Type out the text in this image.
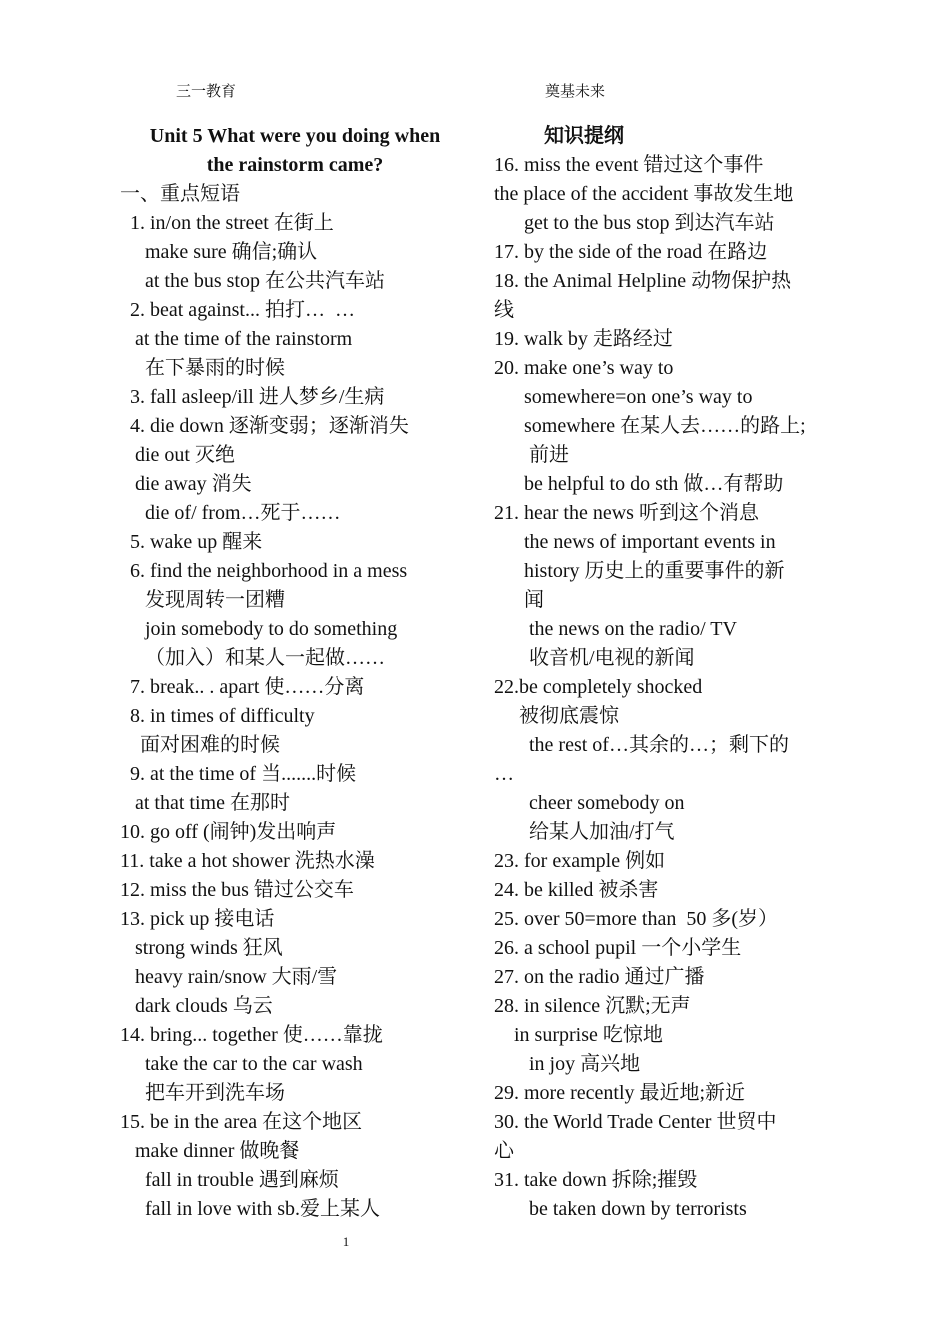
三一教育	奠基未来
Unit 5 What were you doing when
the rainstorm came?
一、重点短语
1. in/on the street 在街上
make sure 确信;确认
at the bus stop 在公共汽车站
2. beat against... 拍打…  …
at the time of the rainstorm
在下暴雨的时候
3. fall asleep/ill 进人梦乡/生病
4. die down 逐渐变弱；逐渐消失
die out 灭绝
die away 消失
die of/ from…死于……
5. wake up 醒来
6. find the neighborhood in a mess
发现周转一团糟
join somebody to do something
（加入）和某人一起做……
7. break.. . apart 使……分离
8. in times of difficulty
面对困难的时候
9. at the time of 当.......时候
at that time 在那时
10. go off (闹钟)发出响声
11. take a hot shower 洗热水澡
12. miss the bus 错过公交车
13. pick up 接电话
strong winds 狂风
heavy rain/snow 大雨/雪
dark clouds 乌云
14. bring... together 使……靠拢
take the car to the car wash
把车开到洗车场
15. be in the area 在这个地区
make dinner 做晚餐
fall in trouble 遇到麻烦
fall in love with sb.爱上某人
知识提纲
16. miss the event 错过这个事件
the place of the accident 事故发生地
get to the bus stop 到达汽车站
17. by the side of the road 在路边
18. the Animal Helpline 动物保护热
线
19. walk by 走路经过
20. make one’s way to
somewhere=on one’s way to
somewhere 在某人去……的路上;
前进
be helpful to do sth 做…有帮助
21. hear the news 听到这个消息
the news of important events in
history 历史上的重要事件的新
闻
the news on the radio/ TV
收音机/电视的新闻
22.be completely shocked
被彻底震惊
the rest of…其余的…；剩下的
…
cheer somebody on
给某人加油/打气
23. for example 例如
24. be killed 被杀害
25. over 50=more than  50 多(岁）
26. a school pupil 一个小学生
27. on the radio 通过广播
28. in silence 沉默;无声
in surprise 吃惊地
in joy 高兴地
29. more recently 最近地;新近
30. the World Trade Center 世贸中
心
31. take down 拆除;摧毁
be taken down by terrorists
1
